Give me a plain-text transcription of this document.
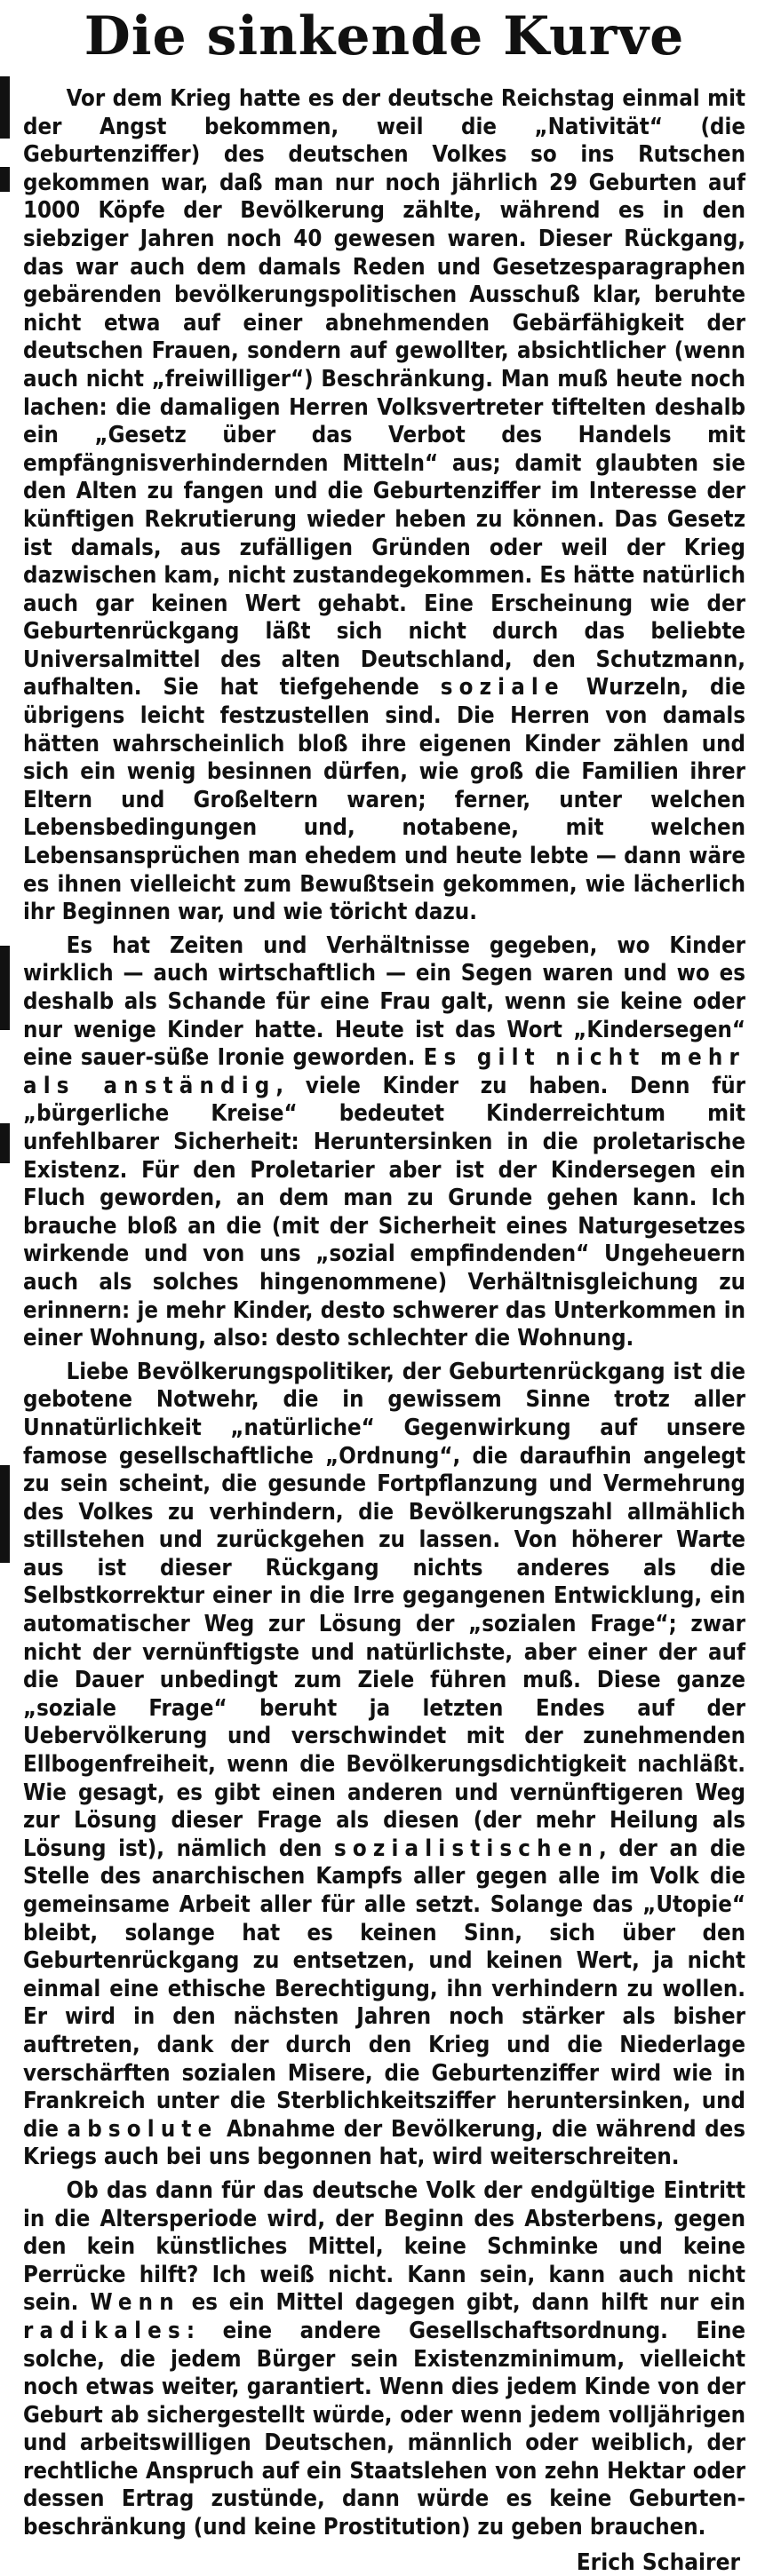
Die sinkende Kurve

Vor dem Krieg hatte es der deutsche Reichstag einmal mit der Angst bekommen, weil die „Nativität“ (die Geburtenziffer) des deutschen Volkes so ins Rutschen gekommen war, daß man nur noch jährlich 29 Geburten auf 1000 Köpfe der Bevölkerung zählte, während es in den siebziger Jahren noch 40 gewesen waren. Dieser Rückgang, das war auch dem damals Reden und Gesetzesparagraphen gebärenden bevölkerungspolitischen Ausschuß klar, beruhte nicht etwa auf einer abnehmenden Gebärfähigkeit der deutschen Frauen, sondern auf gewollter, absichtlicher (wenn auch nicht „freiwilliger“) Beschränkung. Man muß heute noch lachen: die damaligen Herren Volksvertreter tiftelten deshalb ein „Gesetz über das Verbot des Handels mit empfängnisverhindernden Mitteln“ aus; damit glaubten sie den Alten zu fangen und die Geburtenziffer im Interesse der künftigen Rekrutierung wieder heben zu können. Das Gesetz ist damals, aus zufälligen Gründen oder weil der Krieg dazwischen kam, nicht zustandegekommen. Es hätte natürlich auch gar keinen Wert gehabt. Eine Erscheinung wie der Geburtenrückgang läßt sich nicht durch das beliebte Universalmittel des alten Deutschland, den Schutzmann, aufhalten. Sie hat tiefgehende soziale Wurzeln, die übrigens leicht festzustellen sind. Die Herren von damals hätten wahrscheinlich bloß ihre eigenen Kinder zählen und sich ein wenig besinnen dürfen, wie groß die Familien ihrer Eltern und Großeltern waren; ferner, unter welchen Lebensbedingungen und, notabene, mit welchen Lebensansprüchen man ehedem und heute lebte — dann wäre es ihnen vielleicht zum Bewußtsein gekommen, wie lächerlich ihr Beginnen war, und wie töricht dazu.

Es hat Zeiten und Verhältnisse gegeben, wo Kinder wirklich — auch wirtschaftlich — ein Segen waren und wo es deshalb als Schande für eine Frau galt, wenn sie keine oder nur wenige Kinder hatte. Heute ist das Wort „Kindersegen“ eine sauer-süße Ironie geworden. Es gilt nicht mehr als anständig, viele Kinder zu haben. Denn für „bürgerliche Kreise“ bedeutet Kinderreichtum mit unfehlbarer Sicherheit: Heruntersinken in die proletarische Existenz. Für den Proletarier aber ist der Kindersegen ein Fluch geworden, an dem man zu Grunde gehen kann. Ich brauche bloß an die (mit der Sicherheit eines Naturgesetzes wirkende und von uns „sozial empfindenden“ Ungeheuern auch als solches hingenommene) Verhältnisgleichung zu erinnern: je mehr Kinder, desto schwerer das Unterkommen in einer Wohnung, also: desto schlechter die Wohnung.

Liebe Bevölkerungspolitiker, der Geburtenrückgang ist die gebotene Notwehr, die in gewissem Sinne trotz aller Unnatürlichkeit „natürliche“ Gegenwirkung auf unsere famose gesellschaftliche „Ordnung“, die daraufhin angelegt zu sein scheint, die gesunde Fortpflanzung und Vermehrung des Volkes zu verhindern, die Bevölkerungszahl allmählich stillstehen und zurückgehen zu lassen. Von höherer Warte aus ist dieser Rückgang nichts anderes als die Selbstkorrektur einer in die Irre gegangenen Entwicklung, ein automatischer Weg zur Lösung der „sozialen Frage“; zwar nicht der vernünftigste und natürlichste, aber einer der auf die Dauer unbedingt zum Ziele führen muß. Diese ganze „soziale Frage“ beruht ja letzten Endes auf der Uebervölkerung und verschwindet mit der zunehmenden Ellbogenfreiheit, wenn die Bevölkerungsdichtigkeit nachläßt. Wie gesagt, es gibt einen anderen und vernünftigeren Weg zur Lösung dieser Frage als diesen (der mehr Heilung als Lösung ist), nämlich den sozialistischen, der an die Stelle des anarchischen Kampfs aller gegen alle im Volk die gemeinsame Arbeit aller für alle setzt. Solange das „Utopie“ bleibt, solange hat es keinen Sinn, sich über den Geburtenrückgang zu entsetzen, und keinen Wert, ja nicht einmal eine ethische Berechtigung, ihn verhindern zu wollen. Er wird in den nächsten Jahren noch stärker als bisher auftreten, dank der durch den Krieg und die Niederlage verschärften sozialen Misere, die Geburtenziffer wird wie in Frankreich unter die Sterblichkeitsziffer heruntersinken, und die absolute Abnahme der Bevölkerung, die während des Kriegs auch bei uns begonnen hat, wird weiterschreiten.

Ob das dann für das deutsche Volk der endgültige Eintritt in die Altersperiode wird, der Beginn des Absterbens, gegen den kein künstliches Mittel, keine Schminke und keine Perrücke hilft? Ich weiß nicht. Kann sein, kann auch nicht sein. Wenn es ein Mittel dagegen gibt, dann hilft nur ein radikales: eine andere Gesellschaftsordnung. Eine solche, die jedem Bürger sein Existenzminimum, vielleicht noch etwas weiter, garantiert. Wenn dies jedem Kinde von der Geburt ab sichergestellt würde, oder wenn jedem volljährigen und arbeitswilligen Deutschen, männlich oder weiblich, der rechtliche Anspruch auf ein Staatslehen von zehn Hektar oder dessen Ertrag zustünde, dann würde es keine Geburtenbeschränkung (und keine Prostitution) zu geben brauchen.

Erich Schairer
